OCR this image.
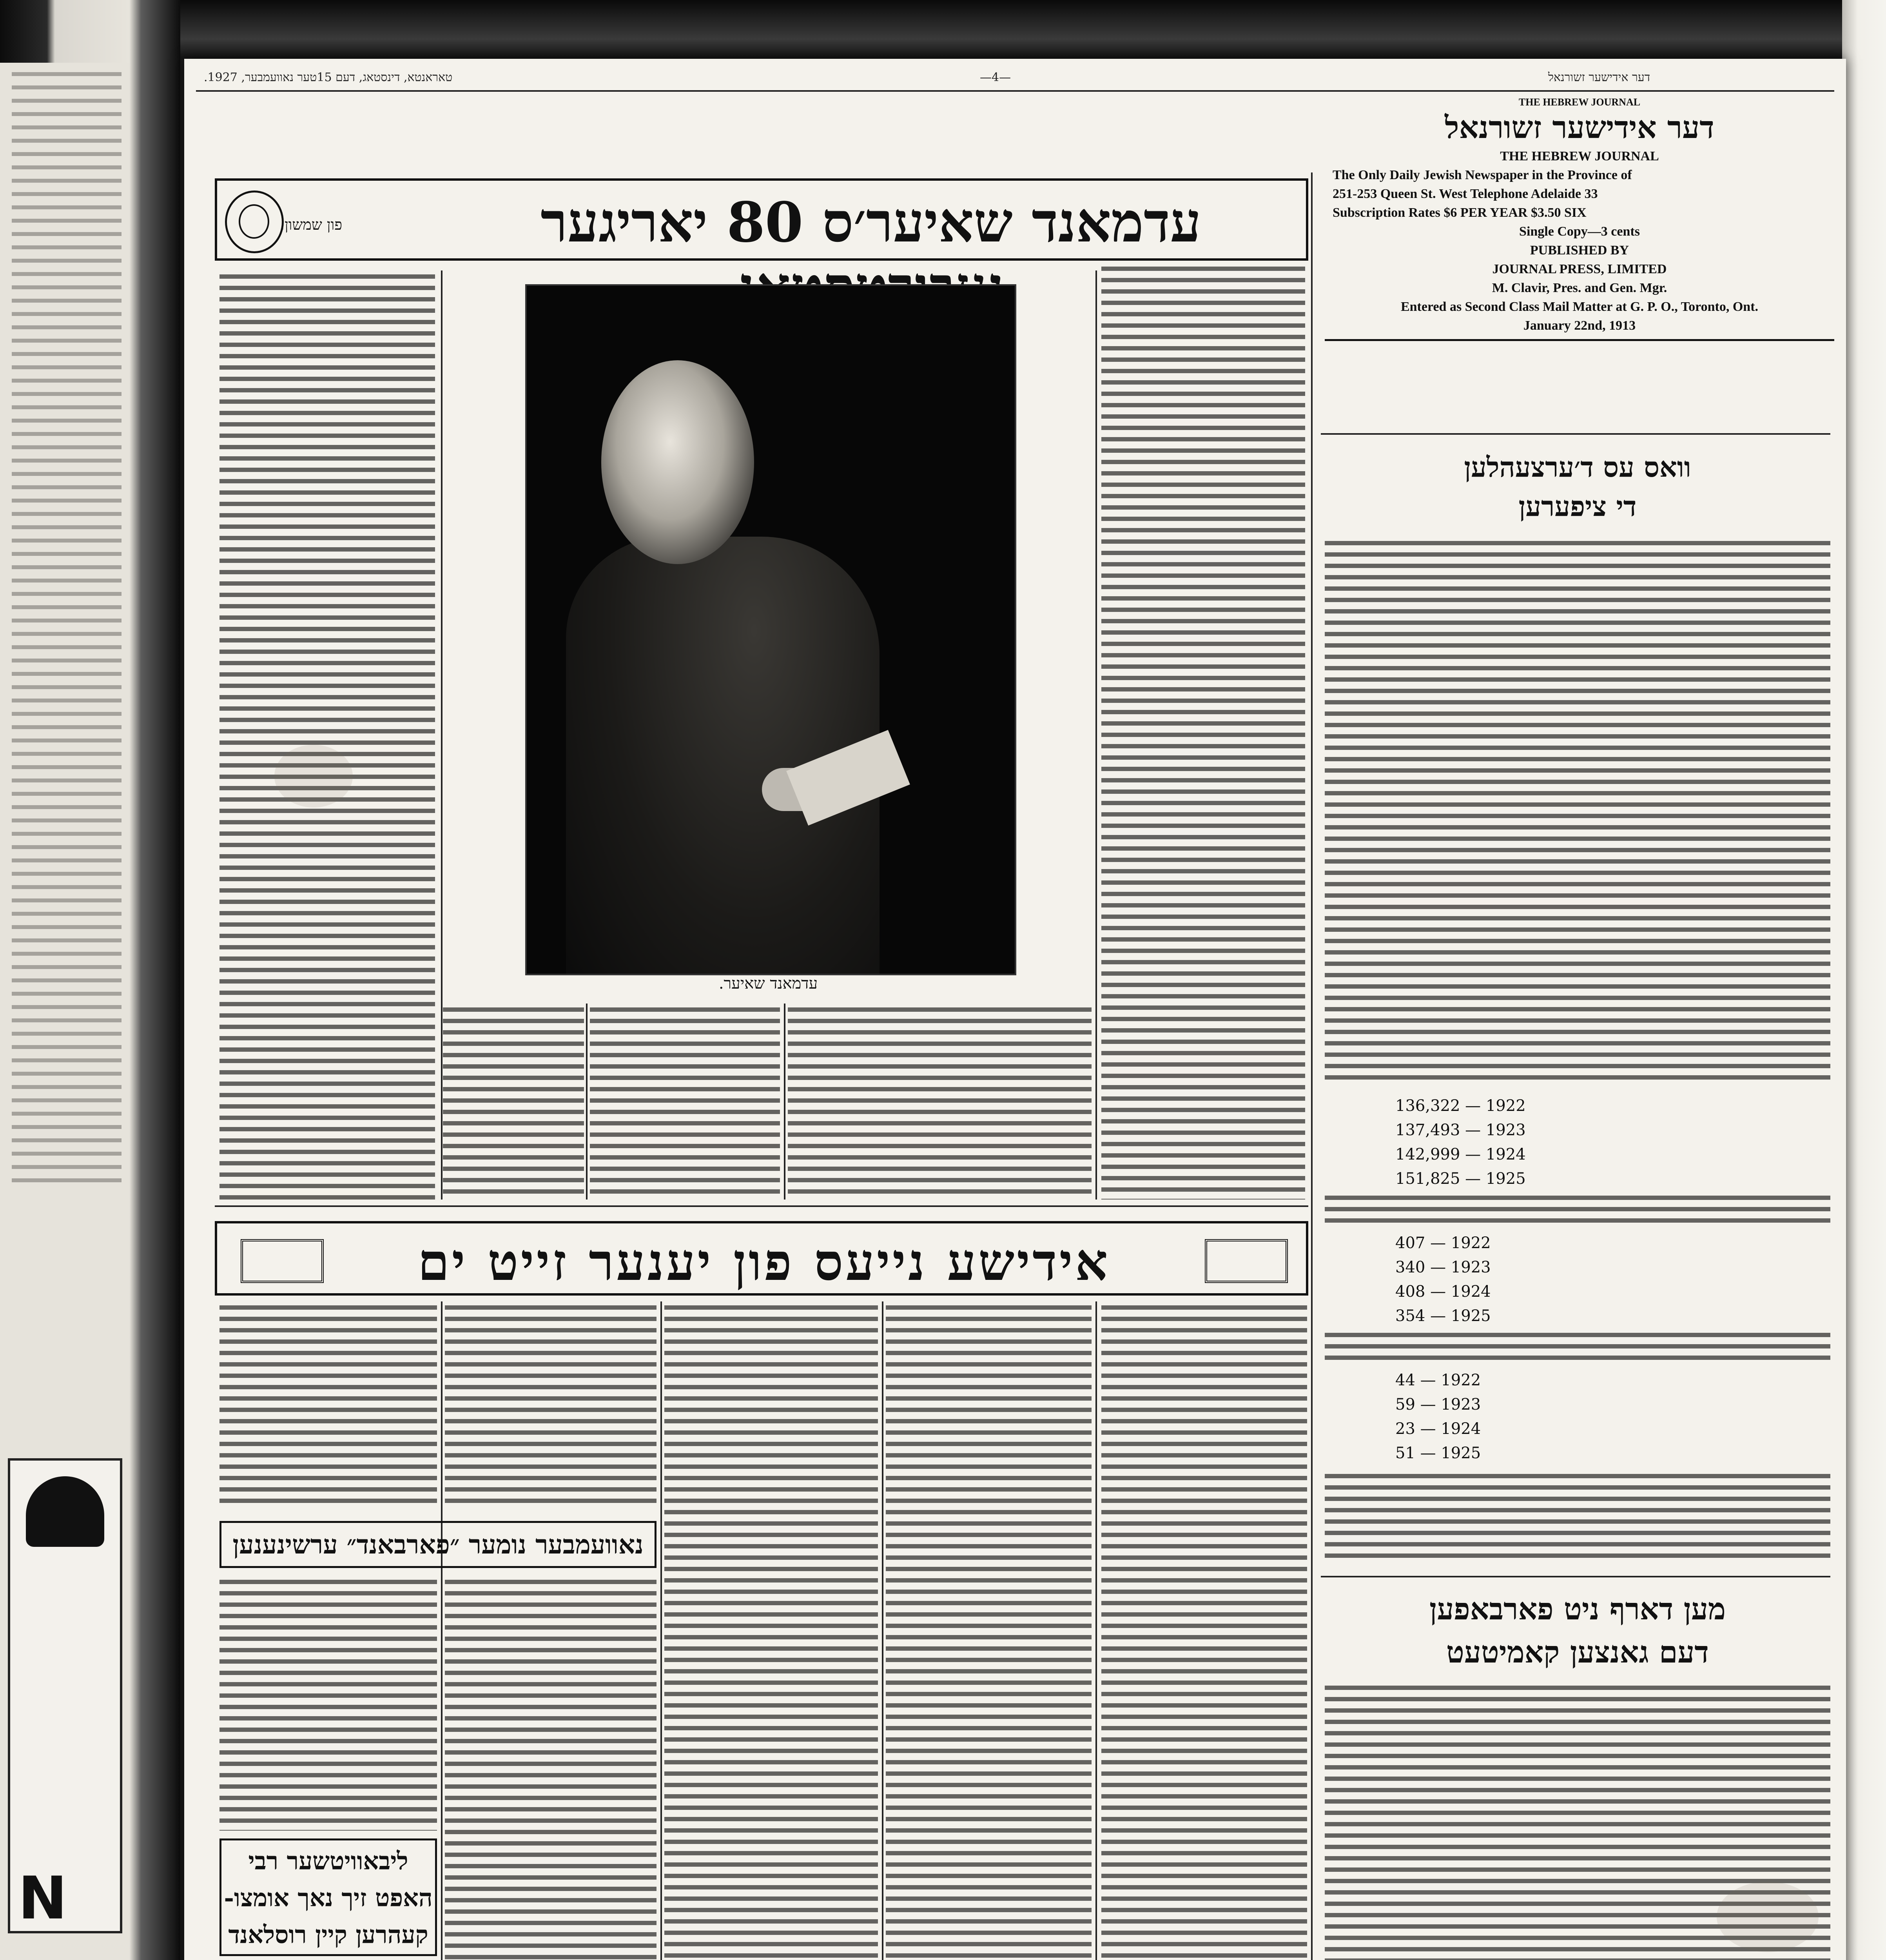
N
טאראנטא, דינסטאג, דעם 15טער נאוועמבער, 1927.	—4—	דער אידישער זשורנאל
THE HEBREW JOURNAL
דער אידישער זשורנאל
THE HEBREW JOURNAL
The Only Daily Jewish Newspaper in the Province of
251-253 Queen St. West Telephone Adelaide 33
Subscription Rates $6 PER YEAR $3.50 SIX
Single Copy—3 cents
PUBLISHED BY
JOURNAL PRESS, LIMITED
M. Clavir, Pres. and Gen. Mgr.
Entered as Second Class Mail Matter at G. P. O., Toronto, Ont.
January 22nd, 1913
פון שמשון.	עדמאנד שאיער׳ס 80 יאריגער
עדמאנד שאיער.
אידישע נייעס פון יענער זייט ים
נאוועמבער נומער ״פארבאנד״ ערשינענען
ליבאוויטשער רבי
האפט זיך נאך אומצו-
קעהרען קיין רוסלאנד
וואס עס ד׳ערצעהלען
די ציפערען
136,322 — 1922
137,493 — 1923
142,999 — 1924
151,825 — 1925
407 — 1922
340 — 1923
408 — 1924
354 — 1925
44 — 1922
59 — 1923
23 — 1924
51 — 1925
מען דארף ניט פארבאפען
דעם גאנצען קאמיטעט
